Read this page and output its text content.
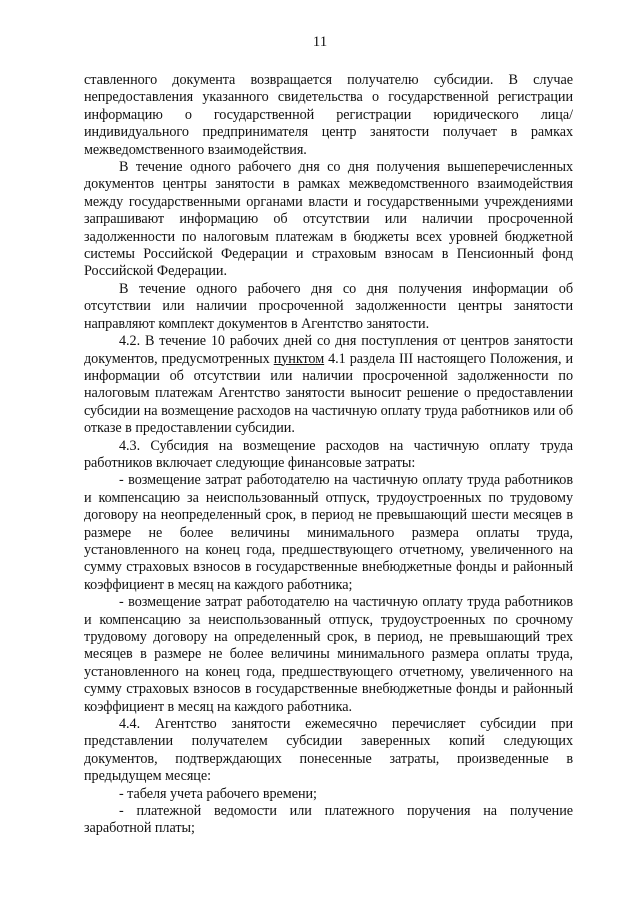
11

ставленного документа возвращается получателю субсидии. В случае непредоставления указанного свидетельства о государственной регистрации информацию о государственной регистрации юридического лица/индивидуального предпринимателя центр занятости получает в рамках межведомственного взаимодействия.

В течение одного рабочего дня со дня получения вышеперечисленных документов центры занятости в рамках межведомственного взаимодействия между государственными органами власти и государственными учреждениями запрашивают информацию об отсутствии или наличии просроченной задолженности по налоговым платежам в бюджеты всех уровней бюджетной системы Российской Федерации и страховым взносам в Пенсионный фонд Российской Федерации.

В течение одного рабочего дня со дня получения информации об отсутствии или наличии просроченной задолженности центры занятости направляют комплект документов в Агентство занятости.

4.2. В течение 10 рабочих дней со дня поступления от центров занятости документов, предусмотренных пунктом 4.1 раздела III настоящего Положения, и информации об отсутствии или наличии просроченной задолженности по налоговым платежам Агентство занятости выносит решение о предоставлении субсидии на возмещение расходов на частичную оплату труда работников или об отказе в предоставлении субсидии.

4.3. Субсидия на возмещение расходов на частичную оплату труда работников включает следующие финансовые затраты:

- возмещение затрат работодателю на частичную оплату труда работников и компенсацию за неиспользованный отпуск, трудоустроенных по трудовому договору на неопределенный срок, в период не превышающий шести месяцев в размере не более величины минимального размера оплаты труда, установленного на конец года, предшествующего отчетному, увеличенного на сумму страховых взносов в государственные внебюджетные фонды и районный коэффициент в месяц на каждого работника;

- возмещение затрат работодателю на частичную оплату труда работников и компенсацию за неиспользованный отпуск, трудоустроенных по срочному трудовому договору на определенный срок, в период, не превышающий трех месяцев в размере не более величины минимального размера оплаты труда, установленного на конец года, предшествующего отчетному, увеличенного на сумму страховых взносов в государственные внебюджетные фонды и районный коэффициент в месяц на каждого работника.

4.4. Агентство занятости ежемесячно перечисляет субсидии при представлении получателем субсидии заверенных копий следующих документов, подтверждающих понесенные затраты, произведенные в предыдущем месяце:

- табеля учета рабочего времени;

- платежной ведомости или платежного поручения на получение заработной платы;
